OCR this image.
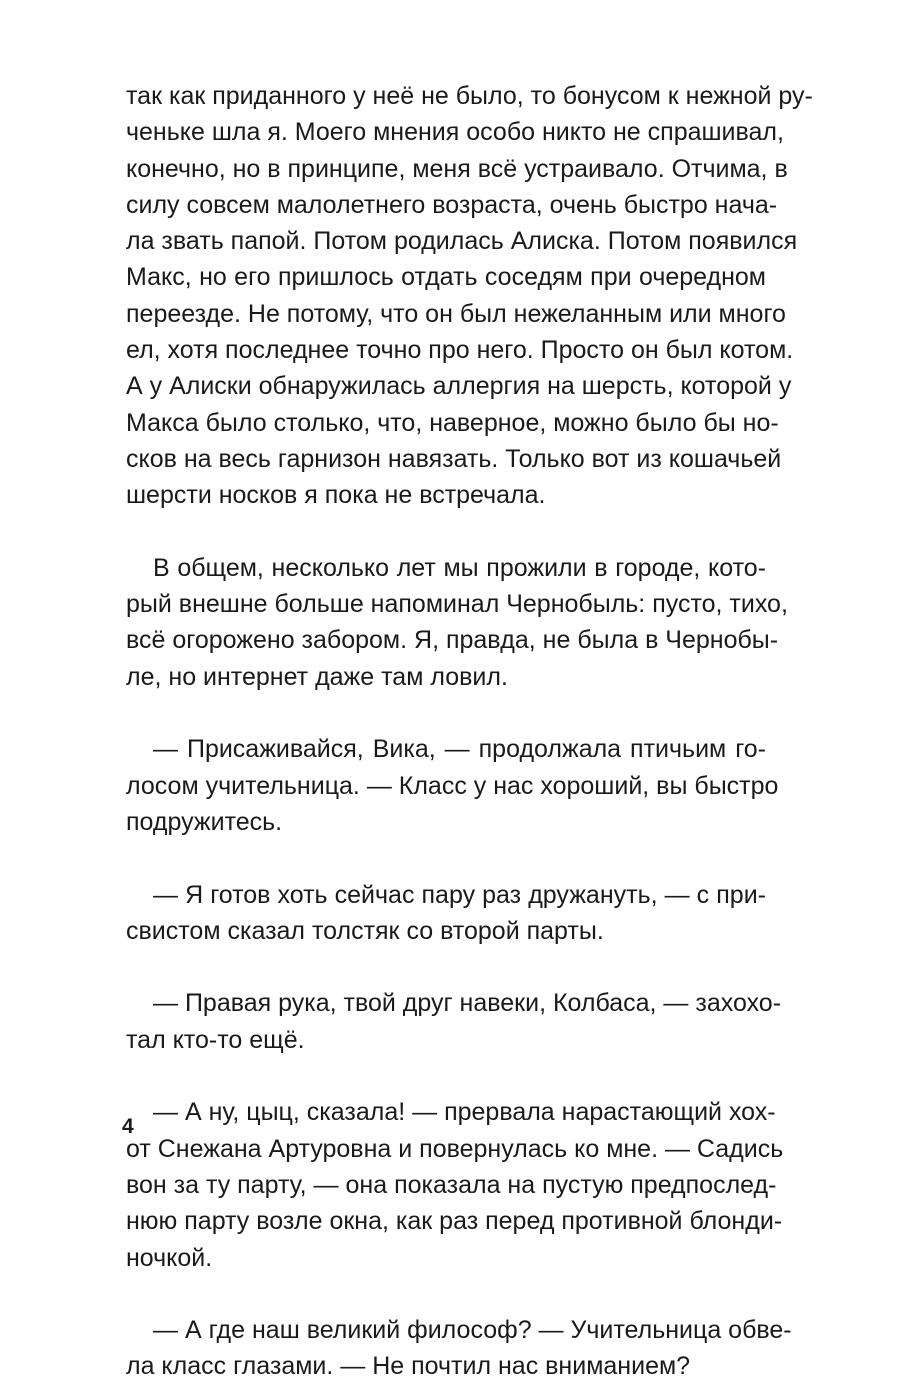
так как приданного у неё не было, то бонусом к нежной ру-
ченьке шла я. Моего мнения особо никто не спрашивал,
конечно, но в принципе, меня всё устраивало. Отчима, в
силу совсем малолетнего возраста, очень быстро нача-
ла звать папой. Потом родилась Алиска. Потом появился
Макс, но его пришлось отдать соседям при очередном
переезде. Не потому, что он был нежеланным или много
ел, хотя последнее точно про него. Просто он был котом.
А у Алиски обнаружилась аллергия на шерсть, которой у
Макса было столько, что, наверное, можно было бы но-
сков на весь гарнизон навязать. Только вот из кошачьей
шерсти носков я пока не встречала.
В общем, несколько лет мы прожили в городе, кото-
рый внешне больше напоминал Чернобыль: пусто, тихо,
всё огорожено забором. Я, правда, не была в Чернобы-
ле, но интернет даже там ловил.
— Присаживайся, Вика, — продолжала птичьим го-
лосом учительница. — Класс у нас хороший, вы быстро
подружитесь.
— Я готов хоть сейчас пару раз дружануть, — с при-
свистом сказал толстяк со второй парты.
— Правая рука, твой друг навеки, Колбаса, — захохо-
тал кто-то ещё.
— А ну, цыц, сказала! — прервала нарастающий хох-
от Снежана Артуровна и повернулась ко мне. — Садись
вон за ту парту, — она показала на пустую предпослед-
нюю парту возле окна, как раз перед противной блонди-
ночкой.
— А где наш великий философ? — Учительница обве-
ла класс глазами. — Не почтил нас вниманием?
4
